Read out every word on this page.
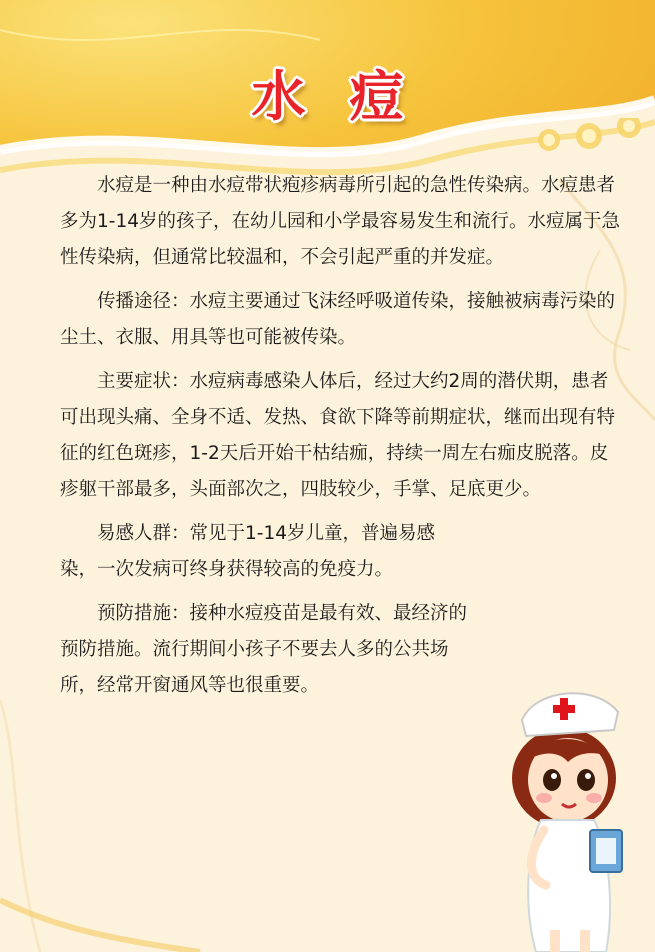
水痘

水痘是一种由水痘带状疱疹病毒所引起的急性传染病。水痘患者多为1-14岁的孩子，在幼儿园和小学最容易发生和流行。水痘属于急性传染病，但通常比较温和，不会引起严重的并发症。

传播途径：水痘主要通过飞沫经呼吸道传染，接触被病毒污染的尘土、衣服、用具等也可能被传染。

主要症状：水痘病毒感染人体后，经过大约2周的潜伏期，患者可出现头痛、全身不适、发热、食欲下降等前期症状，继而出现有特征的红色斑疹，1-2天后开始干枯结痂，持续一周左右痂皮脱落。皮疹躯干部最多，头面部次之，四肢较少，手掌、足底更少。

易感人群：常见于1-14岁儿童，普遍易感染，一次发病可终身获得较高的免疫力。

预防措施：接种水痘疫苗是最有效、最经济的预防措施。流行期间小孩子不要去人多的公共场所，经常开窗通风等也很重要。
